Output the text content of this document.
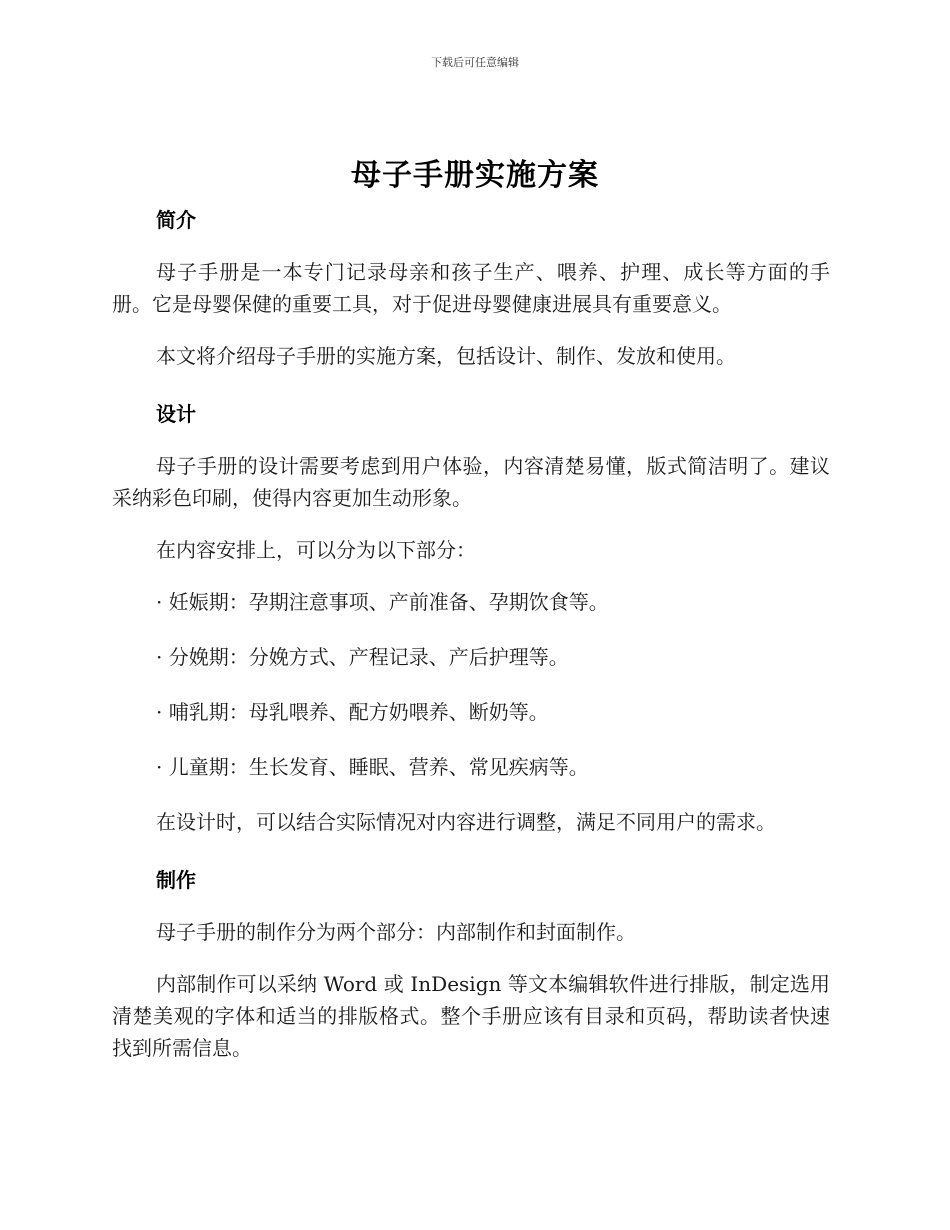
下载后可任意编辑
母子手册实施方案
简介

母子手册是一本专门记录母亲和孩子生产、喂养、护理、成长等方面的手册。它是母婴保健的重要工具，对于促进母婴健康进展具有重要意义。

本文将介绍母子手册的实施方案，包括设计、制作、发放和使用。

设计

母子手册的设计需要考虑到用户体验，内容清楚易懂，版式简洁明了。建议采纳彩色印刷，使得内容更加生动形象。

在内容安排上，可以分为以下部分：

· 妊娠期：孕期注意事项、产前准备、孕期饮食等。
· 分娩期：分娩方式、产程记录、产后护理等。
· 哺乳期：母乳喂养、配方奶喂养、断奶等。
· 儿童期：生长发育、睡眠、营养、常见疾病等。

在设计时，可以结合实际情况对内容进行调整，满足不同用户的需求。

制作

母子手册的制作分为两个部分：内部制作和封面制作。

内部制作可以采纳 Word 或 InDesign 等文本编辑软件进行排版，制定选用清楚美观的字体和适当的排版格式。整个手册应该有目录和页码，帮助读者快速找到所需信息。
